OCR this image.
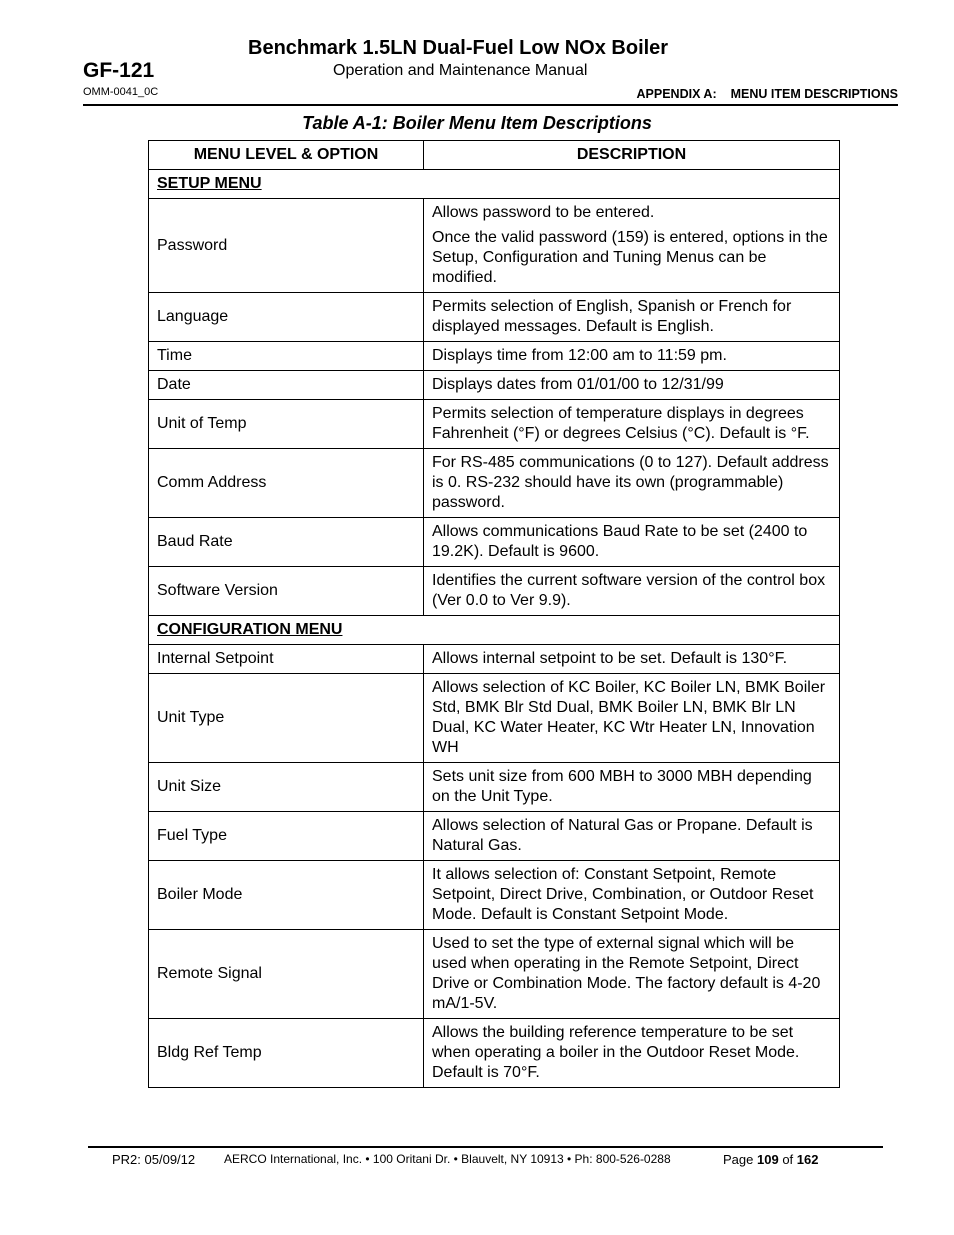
GF-121
OMM-0041_0C
Benchmark 1.5LN Dual-Fuel Low NOx Boiler
Operation and Maintenance Manual
APPENDIX A: MENU ITEM DESCRIPTIONS
Table A-1: Boiler Menu Item Descriptions
MENU LEVEL & OPTION	DESCRIPTION
SETUP MENU	
Password	Allows password to be entered.

Once the valid password (159) is entered, options in the Setup, Configuration and Tuning Menus can be modified.

Language	Permits selection of English, Spanish or French for displayed messages. Default is English.

Time	Displays time from 12:00 am to 11:59 pm.

Date	Displays dates from 01/01/00 to 12/31/99

Unit of Temp	Permits selection of temperature displays in degrees Fahrenheit (°F) or degrees Celsius (°C). Default is °F.

Comm Address	For RS-485 communications (0 to 127). Default address is 0. RS-232 should have its own (programmable) password.

Baud Rate	Allows communications Baud Rate to be set (2400 to 19.2K). Default is 9600.

Software Version	Identifies the current software version of the control box (Ver 0.0 to Ver 9.9).

CONFIGURATION MENU	
Internal Setpoint	Allows internal setpoint to be set. Default is 130°F.

Unit Type	Allows selection of KC Boiler, KC Boiler LN, BMK Boiler Std, BMK Blr Std Dual, BMK Boiler LN, BMK Blr LN Dual, KC Water Heater, KC Wtr Heater LN, Innovation WH

Unit Size	Sets unit size from 600 MBH to 3000 MBH depending on the Unit Type.

Fuel Type	Allows selection of Natural Gas or Propane. Default is Natural Gas.

Boiler Mode	It allows selection of: Constant Setpoint, Remote Setpoint, Direct Drive, Combination, or Outdoor Reset Mode. Default is Constant Setpoint Mode.

Remote Signal	Used to set the type of external signal which will be used when operating in the Remote Setpoint, Direct Drive or Combination Mode. The factory default is 4-20 mA/1-5V.

Bldg Ref Temp	Allows the building reference temperature to be set when operating a boiler in the Outdoor Reset Mode. Default is 70°F.

PR2: 05/09/12 AERCO International, Inc. • 100 Oritani Dr. • Blauvelt, NY 10913 • Ph: 800-526-0288	Page 109 of 162
